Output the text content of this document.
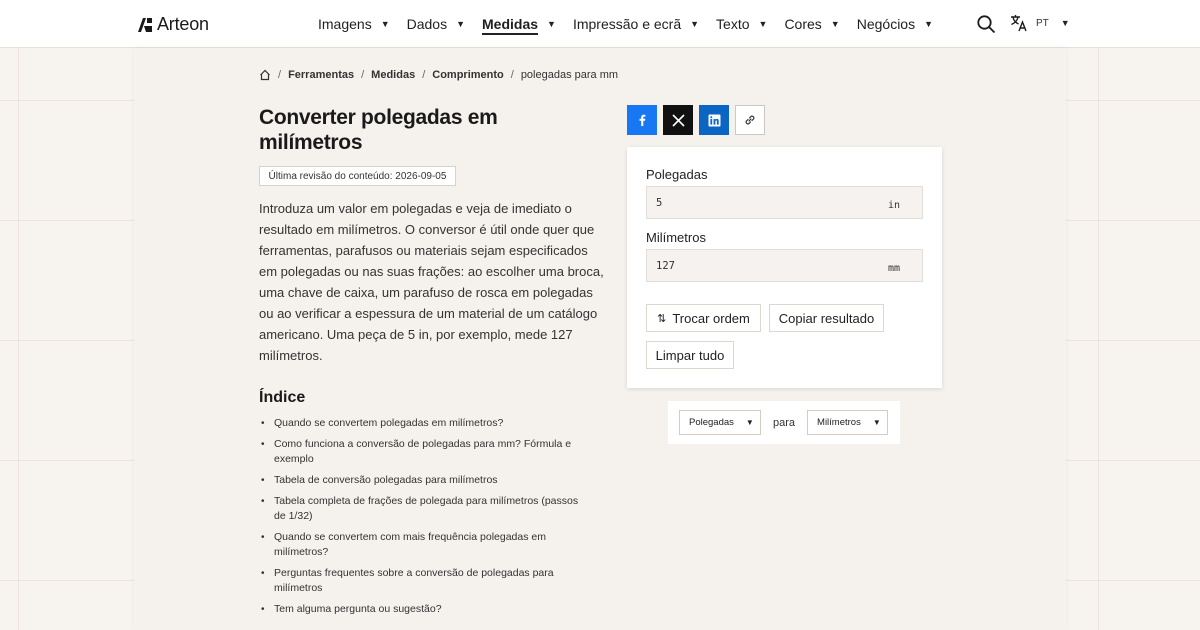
Arteon	Imagens ▼ Dados ▼ Medidas ▼ Impressão e ecrã ▼ Texto ▼ Cores ▼ Negócios ▼	PT ▼
/ Ferramentas / Medidas / Comprimento / polegadas para mm
Converter polegadas em milímetros
Última revisão do conteúdo: 2026-09-05

Introduza um valor em polegadas e veja de imediato o resultado em milímetros. O conversor é útil onde quer que ferramentas, parafusos ou materiais sejam especificados em polegadas ou nas suas frações: ao escolher uma broca, uma chave de caixa, um parafuso de rosca em polegadas ou ao verificar a espessura de um material de um catálogo americano. Uma peça de 5 in, por exemplo, mede 127 milímetros.

Índice
• Quando se convertem polegadas em milímetros?
• Como funciona a conversão de polegadas para mm? Fórmula e exemplo
• Tabela de conversão polegadas para milímetros
• Tabela completa de frações de polegada para milímetros (passos de 1/32)
• Quando se convertem com mais frequência polegadas em milímetros?
• Perguntas frequentes sobre a conversão de polegadas para milímetros
• Tem alguma pergunta ou sugestão?
Polegadas
5	in
Milímetros
127	mm
⇅ Trocar ordem Copiar resultado
Limpar tudo
Polegadas ▼ para Milímetros ▼
